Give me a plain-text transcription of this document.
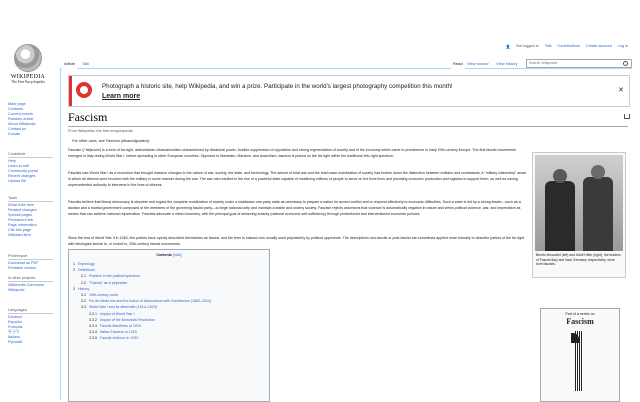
WIKIPEDIA
The Free Encyclopedia
Main page
Contents
Current events
Random article
About Wikipedia
Contact us
Donate
Contribute
Help
Learn to edit
Community portal
Recent changes
Upload file
Tools
What links here
Related changes
Special pages
Permanent link
Page information
Cite this page
Wikidata item
Print/export
Download as PDF
Printable version
In other projects
Wikimedia Commons
Wikiquote
Languages
Deutsch
Español
Français
한국어
Italiano
Русский
👤 Not logged in Talk Contributions Create account Log in
Article	Talk	Read	View source	View history	Search Wikipedia
Photograph a historic site, help Wikipedia, and win a prize. Participate in the world's largest photography competition this month!
Learn more
✕
Fascism
From Wikipedia, the free encyclopedia
For other uses, see Fascism (disambiguation).
Fascism (/ˈfæʃɪzəm/) is a form of far-right, authoritarian ultranationalism characterized by dictatorial power, forcible suppression of opposition and strong regimentation of society and of the economy which came to prominence in early 20th-century Europe. The first fascist movements emerged in Italy during World War I, before spreading to other European countries. Opposed to liberalism, Marxism, and anarchism, fascism is placed on the far right within the traditional left–right spectrum.
Fascists saw World War I as a revolution that brought massive changes to the nature of war, society, the state, and technology. The advent of total war and the total mass mobilization of society had broken down the distinction between civilians and combatants. A "military citizenship" arose in which all citizens were involved with the military in some manner during the war. The war had resulted in the rise of a powerful state capable of mobilizing millions of people to serve on the front lines and providing economic production and logistics to support them, as well as having unprecedented authority to intervene in the lives of citizens.
Fascists believe that liberal democracy is obsolete and regard the complete mobilization of society under a totalitarian one-party state as necessary to prepare a nation for armed conflict and to respond effectively to economic difficulties. Such a state is led by a strong leader—such as a dictator and a martial government composed of the members of the governing fascist party—to forge national unity and maintain a stable and orderly society. Fascism rejects assertions that violence is automatically negative in nature and views political violence, war, and imperialism as means that can achieve national rejuvenation. Fascists advocate a mixed economy, with the principal goal of achieving autarky (national economic self-sufficiency) through protectionist and interventionist economic policies.
Since the end of World War II in 1945, few parties have openly described themselves as fascist, and the term is instead now usually used pejoratively by political opponents. The descriptions neo-fascist or post-fascist are sometimes applied more formally to describe parties of the far right with ideologies similar to, or rooted in, 20th-century fascist movements.
Benito Mussolini (left) and Adolf Hitler (right), the leaders of Fascist Italy and Nazi Germany respectively, were both fascists.
Part of a series on
Fascism
Contents [hide]
1 Etymology
2 Definitions
2.1 Position in the political spectrum
2.2 "Fascist" as a pejorative
3 History
3.1 19th-century roots
3.2 Fin de siècle era and the fusion of Maurrasism with Sorelianism (1880–1914)
3.3 World War I and its aftermath (1914–1929)
3.3.1 Impact of World War I
3.3.2 Impact of the Bolshevik Revolution
3.3.3 Fascist Manifesto of 1919
3.3.4 Italian Fascism in 1920
3.3.5 Fascist violence in 1922
